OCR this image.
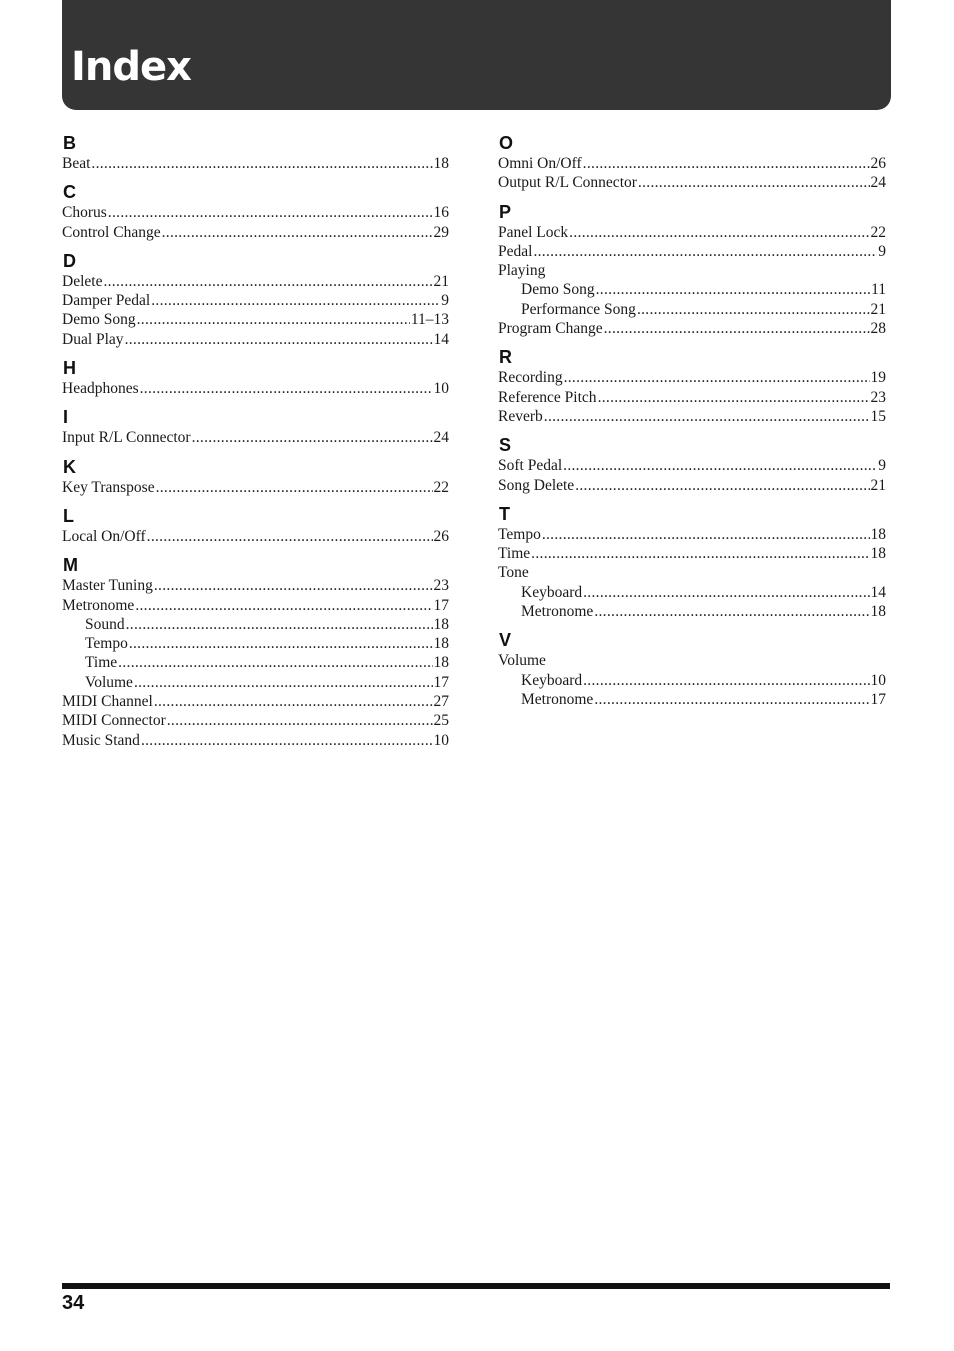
Index
B
Beat .....	18
C
Chorus .....	16
Control Change .....	29
D
Delete .....	21
Damper Pedal .....	9
Demo Song .....	11–13
Dual Play .....	14
H
Headphones .....	10
I
Input R/L Connector .....	24
K
Key Transpose .....	22
L
Local On/Off .....	26
M
Master Tuning .....	23
Metronome .....	17
Sound .....	18
Tempo .....	18
Time .....	18
Volume .....	17
MIDI Channel .....	27
MIDI Connector .....	25
Music Stand .....	10
O
Omni On/Off .....	26
Output R/L Connector .....	24
P
Panel Lock .....	22
Pedal .....	9
Playing
Demo Song .....	11
Performance Song .....	21
Program Change .....	28
R
Recording .....	19
Reference Pitch .....	23
Reverb .....	15
S
Soft Pedal .....	9
Song Delete .....	21
T
Tempo .....	18
Time .....	18
Tone
Keyboard .....	14
Metronome .....	18
V
Volume
Keyboard .....	10
Metronome .....	17
34
